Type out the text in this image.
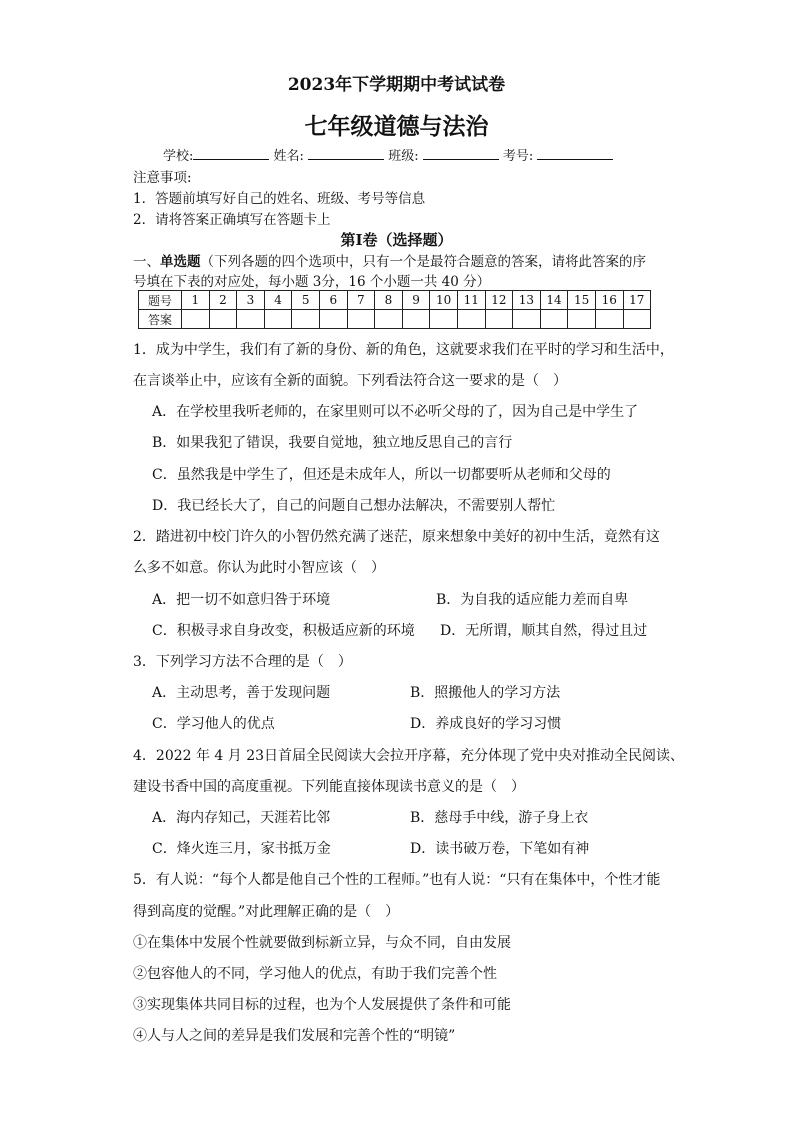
2023年下学期期中考试试卷
七年级道德与法治
学校:	姓名:	班级:	考号:
注意事项:
1．答题前填写好自己的姓名、班级、考号等信息
2．请将答案正确填写在答题卡上
第I卷（选择题）
一、单选题（下列各题的四个选项中，只有一个是最符合题意的答案，请将此答案的序
号填在下表的对应处，每小题 3分，16 个小题一共 40 分）
题号	1	2	3	4	5	6	7	8	9	10	11	12	13	14	15	16	17
答案																	
1．成为中学生，我们有了新的身份、新的角色，这就要求我们在平时的学习和生活中，
在言谈举止中，应该有全新的面貌。下列看法符合这一要求的是（　）
A．在学校里我听老师的，在家里则可以不必听父母的了，因为自己是中学生了
B．如果我犯了错误，我要自觉地，独立地反思自己的言行
C．虽然我是中学生了，但还是未成年人，所以一切都要听从老师和父母的
D．我已经长大了，自己的问题自己想办法解决，不需要别人帮忙
2．踏进初中校门许久的小智仍然充满了迷茫，原来想象中美好的初中生活，竟然有这
么多不如意。你认为此时小智应该（　）
A．把一切不如意归咎于环境	B．为自我的适应能力差而自卑
C．积极寻求自身改变，积极适应新的环境 D．无所谓，顺其自然，得过且过
3．下列学习方法不合理的是（　）
A．主动思考，善于发现问题	B．照搬他人的学习方法
C．学习他人的优点	D．养成良好的学习习惯
4．2022 年 4 月 23日首届全民阅读大会拉开序幕，充分体现了党中央对推动全民阅读、
建设书香中国的高度重视。下列能直接体现读书意义的是（　）
A．海内存知己，天涯若比邻	B．慈母手中线，游子身上衣
C．烽火连三月，家书抵万金	D．读书破万卷，下笔如有神
5．有人说：“每个人都是他自己个性的工程师。”也有人说：“只有在集体中，个性才能
得到高度的觉醒。”对此理解正确的是（　）
①在集体中发展个性就要做到标新立异，与众不同，自由发展
②包容他人的不同，学习他人的优点，有助于我们完善个性
③实现集体共同目标的过程，也为个人发展提供了条件和可能
④人与人之间的差异是我们发展和完善个性的“明镜”
